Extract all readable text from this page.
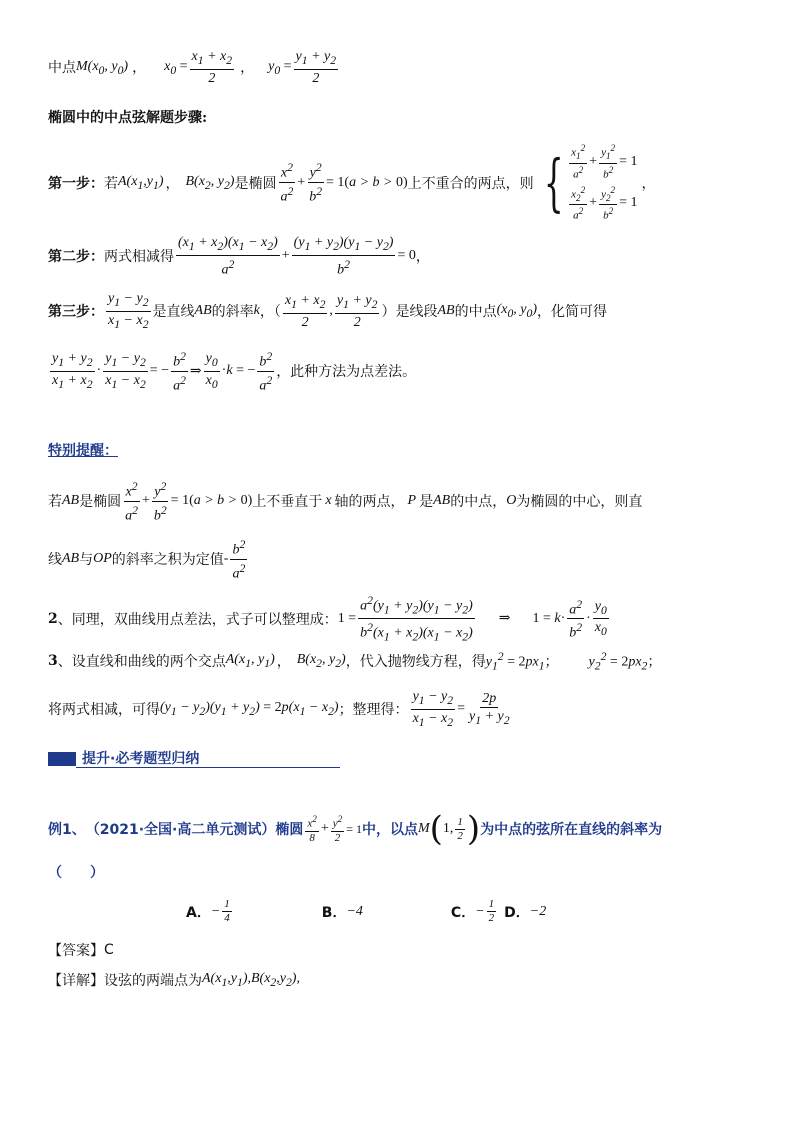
中点 $M(x_0$, $y_0$) ， $x_0 = \frac{x_1 + x_2}{2}$ ， $y_0 = \frac{y_1 + y_2}{2}$
椭圆中的中点弦解题步骤:
第一步： 若 $A(x_1,y_1)$ ， $B(x_2$, $y_2$) 是椭圆 $\frac{x^2}{a^2} + \frac{y^2}{b^2} = 1(a > b > 0)$ 上不重合的两点，则 { $\frac{x_1^2}{a^2} + \frac{y_1^2}{b^2} = 1$
$\frac{x_2^2}{a^2} + \frac{y_2^2}{b^2} = 1$
，
第二步： 两式相减得 $\frac{(x_1 + x_2)(x_1 - x_2)}{a^2} + \frac{(y_1 + y_2)(y_1 - y_2)}{b^2} = 0$ ，
第三步： $\frac{y_1 - y_2}{x_1 - x_2}$ 是直线 AB 的斜率 k ，（ $\frac{x_1 + x_2}{2}$ , $\frac{y_1 + y_2}{2}$ ）是线段 AB 的中点 ($x_0$, $y_0$) ，化简可得
$\frac{y_1 + y_2}{x_1 + x_2} \cdot \frac{y_1 - y_2}{x_1 - x_2}$ = − $\frac{b^2}{a^2}$ ⇒ $\frac{y_0}{x_0} \cdot k$ = − $\frac{b^2}{a^2}$ ，此种方法为点差法。
特别提醒：
若 AB 是椭圆 $\frac{x^2}{a^2} + \frac{y^2}{b^2} = 1(a > b > 0)$ 上不垂直于 x 轴的两点， P 是 AB 的中点， O 为椭圆的中心，则直
线 AB 与 OP 的斜率之积为定值 - $\frac{b^2}{a^2}$
2 、同理，双曲线用点差法，式子可以整理成： $1 = \frac{a^2(y_1 + y_2)(y_1 - y_2)}{b^2(x_1 + x_2)(x_1 - x_2)}$ ⇒ $1 = k\cdot \frac{a^2}{b^2} \cdot \frac{y_0}{x_0}$
3 、设直线和曲线的两个交点 $A(x_1$, $y_1$) ， $B(x_2$, $y_2$) ，代入抛物线方程，得 $y_1^2 = 2px_1$ ； $y_2^2 = 2px_2$ ；
将两式相减，可得 $(y_1 - y_2)(y_1 + y_2) = 2p(x_1 - x_2)$ ；整理得： $\frac{y_1 - y_2}{x_1 - x_2} = \frac{2p}{y_1 + y_2}$
提升·必考题型归纳
例1、 （2021·全国·高二单元测试） 椭圆 $\frac{x^2}{8} + \frac{y^2}{2} = 1$ 中，以点 M ( 1, $\frac{1}{2}$ ) 为中点的弦所在直线的斜率为
（　　）
A． − $\frac{1}{4}$	B． −4	C． − $\frac{1}{2}$ D． −2
【答案】 C
【详解】 设弦的两端点为 $A(x_1,y_1),B(x_2,y_2)$,
